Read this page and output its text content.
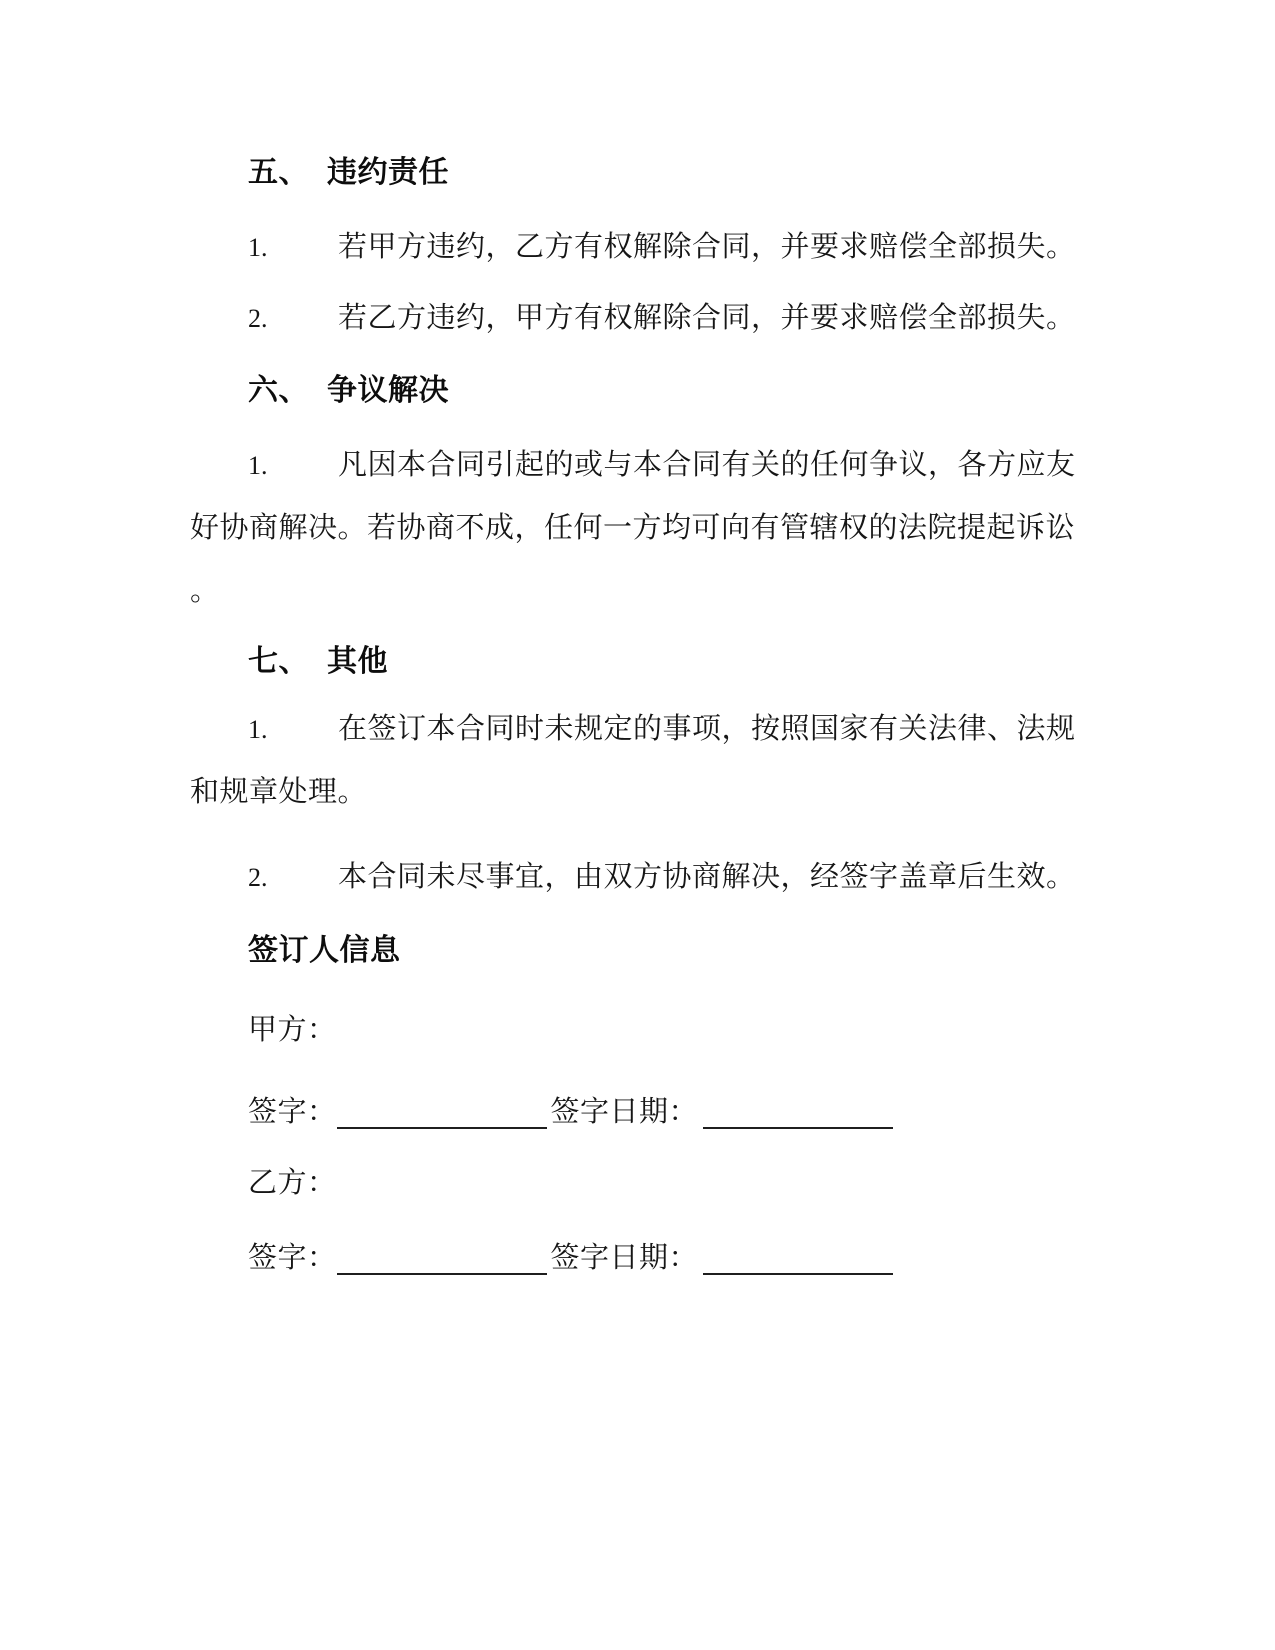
五、 违约责任
1. 若甲方违约，乙方有权解除合同，并要求赔偿全部损失。
2. 若乙方违约，甲方有权解除合同，并要求赔偿全部损失。
六、 争议解决
1. 凡因本合同引起的或与本合同有关的任何争议，各方应友
好协商解决。若协商不成，任何一方均可向有管辖权的法院提起诉讼
。
七、 其他
1. 在签订本合同时未规定的事项，按照国家有关法律、法规
和规章处理。
2. 本合同未尽事宜，由双方协商解决，经签字盖章后生效。
签订人信息
甲方：
签字：	签字日期：
乙方：
签字：	签字日期：
